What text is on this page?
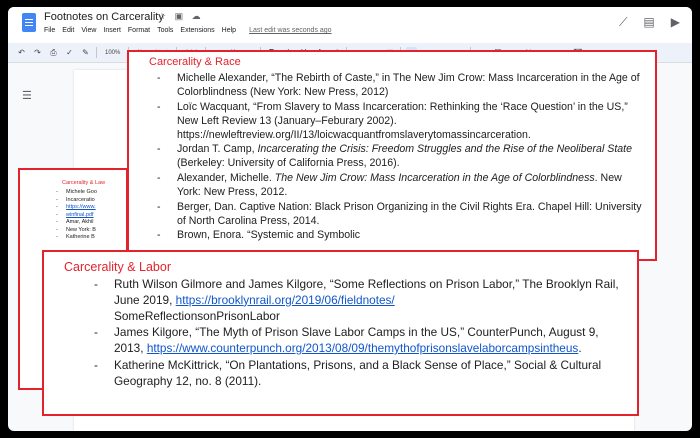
Footnotes on Carcerality
☆ ▣ ☁
File Edit View Insert Format Tools Extensions Help Last edit was seconds ago
⟋ ▤ ▶
↶ ↷ ⎙ ✓ ✎	100%
☰
Carcerality & Law
- Michele Goo
- Incarceratio
- https://www.
- winfinal.pdf
- Amar, Akhil
- New York: B
- Katherine B
Carcerality & Race
- Michelle Alexander, “The Rebirth of Caste,” in The New Jim Crow: Mass Incarceration in the Age of Colorblindness (New York: New Press, 2012)
- Loïc Wacquant, “From Slavery to Mass Incarceration: Rethinking the ‘Race Question’ in the US,” New Left Review 13 (January–Feburary 2002). https://newleftreview.org/II/13/loicwacquantfromslaverytomassincarceration.
- Jordan T. Camp, Incarcerating the Crisis: Freedom Struggles and the Rise of the Neoliberal State (Berkeley: University of California Press, 2016).
- Alexander, Michelle. The New Jim Crow: Mass Incarceration in the Age of Colorblindness. New York: New Press, 2012.
- Berger, Dan. Captive Nation: Black Prison Organizing in the Civil Rights Era. Chapel Hill: University of North Carolina Press, 2014.
- Brown, Enora. “Systemic and Symbolic
Carcerality & Labor
- Ruth Wilson Gilmore and James Kilgore, “Some Reflections on Prison Labor,” The Brooklyn Rail, June 2019, https://brooklynrail.org/2019/06/fieldnotes/
SomeReflectionsonPrisonLabor
- James Kilgore, “The Myth of Prison Slave Labor Camps in the US,” CounterPunch, August 9, 2013, https://www.counterpunch.org/2013/08/09/themythofprisonslavelaborcampsintheus.
- Katherine McKittrick, “On Plantations, Prisons, and a Black Sense of Place,” Social & Cultural Geography 12, no. 8 (2011).
